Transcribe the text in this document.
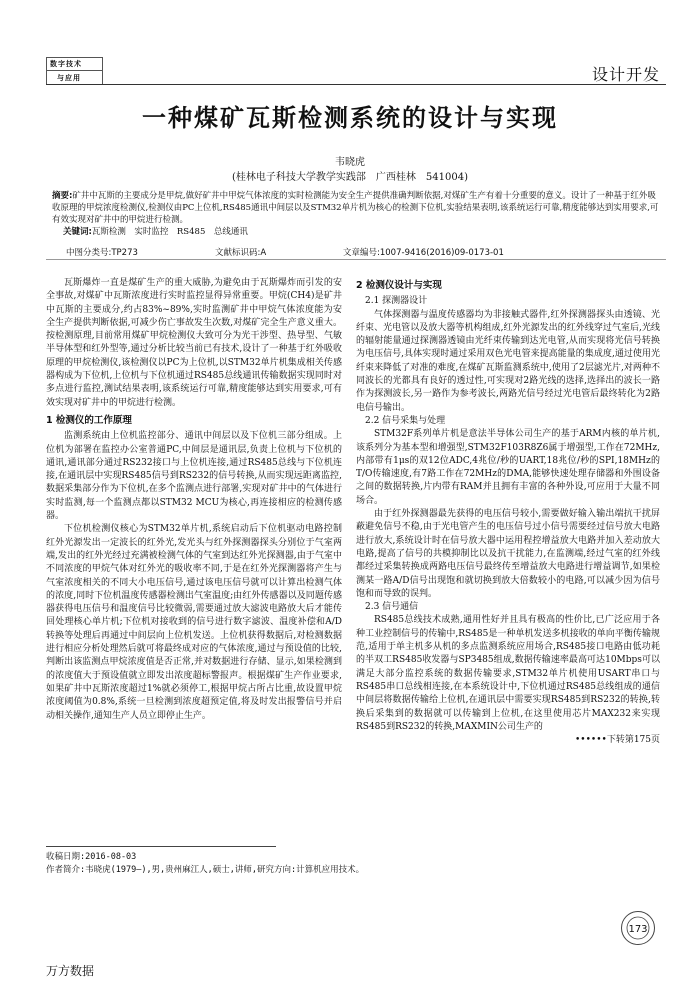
数字技术
与应用	设计开发
一种煤矿瓦斯检测系统的设计与实现
韦晓虎
(桂林电子科技大学教学实践部　广西桂林　541004)
摘要:矿井中瓦斯的主要成分是甲烷,做好矿井中甲烷气体浓度的实时检测能为安全生产提供准确判断依据,对煤矿生产有着十分重要的意义。设计了一种基于红外吸收原理的甲烷浓度检测仪,检测仪由PC上位机,RS485通讯中间层以及STM32单片机为核心的检测下位机,实验结果表明,该系统运行可靠,精度能够达到实用要求,可有效实现对矿井中的甲烷进行检测。
关键词:瓦斯检测　实时监控　RS485　总线通讯
中图分类号:TP273	文献标识码:A	文章编号:1007-9416(2016)09-0173-01

瓦斯爆炸一直是煤矿生产的重大威胁,为避免由于瓦斯爆炸而引发的安全事故,对煤矿中瓦斯浓度进行实时监控显得异常重要。甲烷(CH4)是矿井中瓦斯的主要成分,约占83%~89%,实时监测矿井中甲烷气体浓度能为安全生产提供判断依据,可减少伤亡事故发生次数,对煤矿完全生产意义重大。按检测原理,目前常用煤矿甲烷检测仪大致可分为光干涉型、热导型、气敏半导体型和红外型等,通过分析比较当前已有技术,设计了一种基于红外吸收原理的甲烷检测仪,该检测仪以PC为上位机,以STM32单片机集成相关传感器构成为下位机,上位机与下位机通过RS485总线通讯传输数据实现同时对多点进行监控,测试结果表明,该系统运行可靠,精度能够达到实用要求,可有效实现对矿井中的甲烷进行检测。

1 检测仪的工作原理

监测系统由上位机监控部分、通讯中间层以及下位机三部分组成。上位机为部署在监控办公室普通PC,中间层是通讯层,负责上位机与下位机的通讯,通讯部分通过RS232接口与上位机连接,通过RS485总线与下位机连接,在通讯层中实现RS485信号到RS232的信号转换,从而实现远距离监控,数据采集部分作为下位机,在多个监测点进行部署,实现对矿井中的气体进行实时监测,每一个监测点都以STM32 MCU为核心,再连接相应的检测传感器。

下位机检测仪核心为STM32单片机,系统启动后下位机驱动电路控制红外光源发出一定波长的红外光,发光头与红外探测器探头分别位于气室两端,发出的红外光经过充满被检测气体的气室到达红外光探测器,由于气室中不同浓度的甲烷气体对红外光的吸收率不同,于是在红外光探测器将产生与气室浓度相关的不同大小电压信号,通过该电压信号就可以计算出检测气体的浓度,同时下位机温度传感器检测出气室温度;由红外传感器以及同题传感器获得电压信号和温度信号比较微弱,需要通过放大滤波电路放大后才能传回处理核心单片机;下位机对接收到的信号进行数字滤波、温度补偿和A/D转换等处理后再通过中间层向上位机发送。上位机获得数据后,对检测数据进行相应分析处理然后就可将最终成对应的气体浓度,通过与预设值的比较,判断出该监测点甲烷浓度值是否正常,并对数据进行存储、显示,如果检测到的浓度值大于预设值就立即发出浓度超标警报声。根据煤矿生产作业要求,如果矿井中瓦斯浓度超过1%就必须停工,根据甲烷占所占比重,故设置甲烷浓度阈值为0.8%,系统一旦检测到浓度超预定值,将及时发出报警信号并启动相关操作,通知生产人员立即停止生产。

2 检测仪设计与实现
2.1 探测器设计

气体探测器与温度传感器均为非接触式器件,红外探测器探头由透镜、光纤束、光电管以及放大器等机构组成,红外光源发出的红外线穿过气室后,光线的辐射能量通过探测器透镜由光纤束传输到达光电管,从而实现将光信号转换为电压信号,具体实现时通过采用双色光电管来提高能量的集成度,通过使用光纤束来降低了对准的难度,在煤矿瓦斯监测系统中,使用了2层滤光片,对两种不同波长的光都具有良好的透过性,可实现对2路光线的选择,选择出的波长一路作为探测波长,另一路作为参考波长,两路光信号经过光电管后最终转化为2路电信号输出。

2.2 信号采集与处理

STM32F系列单片机是意法半导体公司生产的基于ARM内核的单片机,该系列分为基本型和增强型,STM32F103R8Z6属于增强型,工作在72MHz,内部带有1μs的双12位ADC,4兆位/秒的UART,18兆位/秒的SPI,18MHz的T/O传输速度,有7路工作在72MHz的DMA,能够快速处理存储器和外围设备之间的数据转换,片内带有RAM并且拥有丰富的各种外设,可应用于大量不同场合。

由于红外探测器最先获得的电压信号较小,需要做好输入输出端抗干扰屏蔽避免信号不稳,由于光电管产生的电压信号过小信号需要经过信号放大电路进行放大,系统设计时在信号放大器中运用程控增益放大电路并加入差动放大电路,提高了信号的共模抑制比以及抗干扰能力,在监测端,经过气室的红外线都经过采集转换成两路电压信号最终传至增益放大电路进行增益调节,如果检测某一路A/D信号出现饱和就切换到放大倍数较小的电路,可以减少因为信号饱和而导致的误判。

2.3 信号通信

RS485总线技术成熟,通用性好并且具有极高的性价比,已广泛应用于各种工业控制信号的传输中,RS485是一种单机发送多机接收的单向平衡传输规范,适用于单主机多从机的多点监测系统应用场合,RS485接口电路由低功耗的半双工RS485收发器与SP3485组成,数据传输速率最高可达10Mbps可以满足大部分监控系统的数据传输要求,STM32单片机使用USART串口与RS485串口总线相连接,在本系统设计中,下位机通过RS485总线组成的通信中间层将数据传输给上位机,在通讯层中需要实现RS485到RS232的转换,转换后采集到的数据就可以传输到上位机,在这里使用芯片MAX232来实现RS485到RS232的转换,MAXMIN公司生产的

••••••下转第175页
收稿日期:2016-08-03
作者简介:韦晓虎(1979—),男,贵州麻江人,硕士,讲师,研究方向:计算机应用技术。
173
万方数据
